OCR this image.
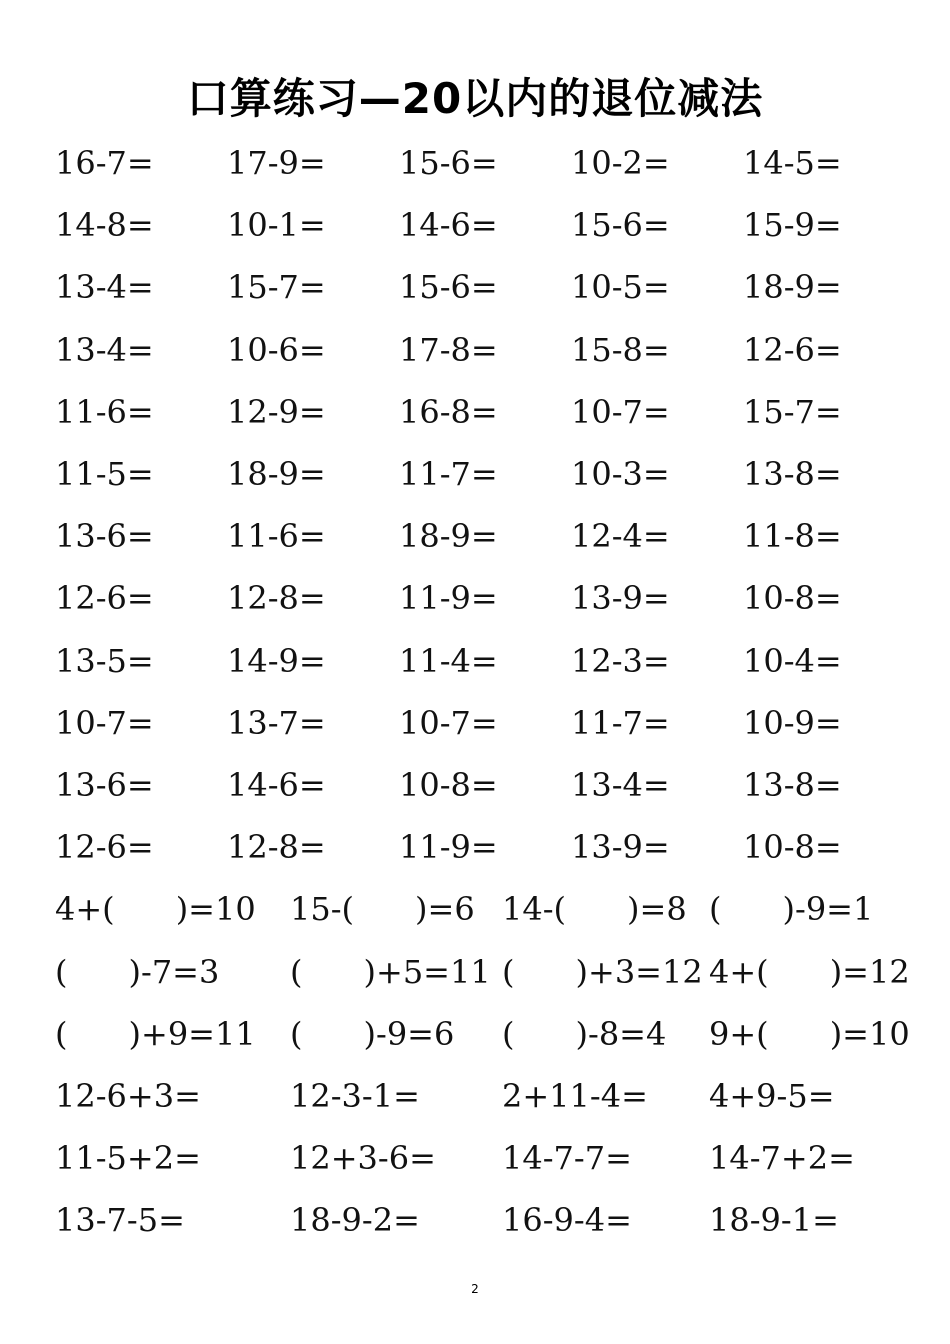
口算练习—20以内的退位减法
16-7= 17-9= 15-6= 10-2= 14-5=
14-8= 10-1= 14-6= 15-6= 15-9=
13-4= 15-7= 15-6= 10-5= 18-9=
13-4= 10-6= 17-8= 15-8= 12-6=
11-6= 12-9= 16-8= 10-7= 15-7=
11-5= 18-9= 11-7= 10-3= 13-8=
13-6= 11-6= 18-9= 12-4= 11-8=
12-6= 12-8= 11-9= 13-9= 10-8=
13-5= 14-9= 11-4= 12-3= 10-4=
10-7= 13-7= 10-7= 11-7= 10-9=
13-6= 14-6= 10-8= 13-4= 13-8=
12-6= 12-8= 11-9= 13-9= 10-8=
4+(      )=10 15-(      )=6 14-(      )=8 (      )-9=1
(      )-7=3 (      )+5=11 (      )+3=12 4+(      )=12
(      )+9=11 (      )-9=6 (      )-8=4 9+(      )=10
12-6+3=	12-3-1=	2+11-4= 4+9-5=
11-5+2=	12+3-6= 14-7-7= 14-7+2=
13-7-5=	18-9-2=	16-9-4= 18-9-1=
2
